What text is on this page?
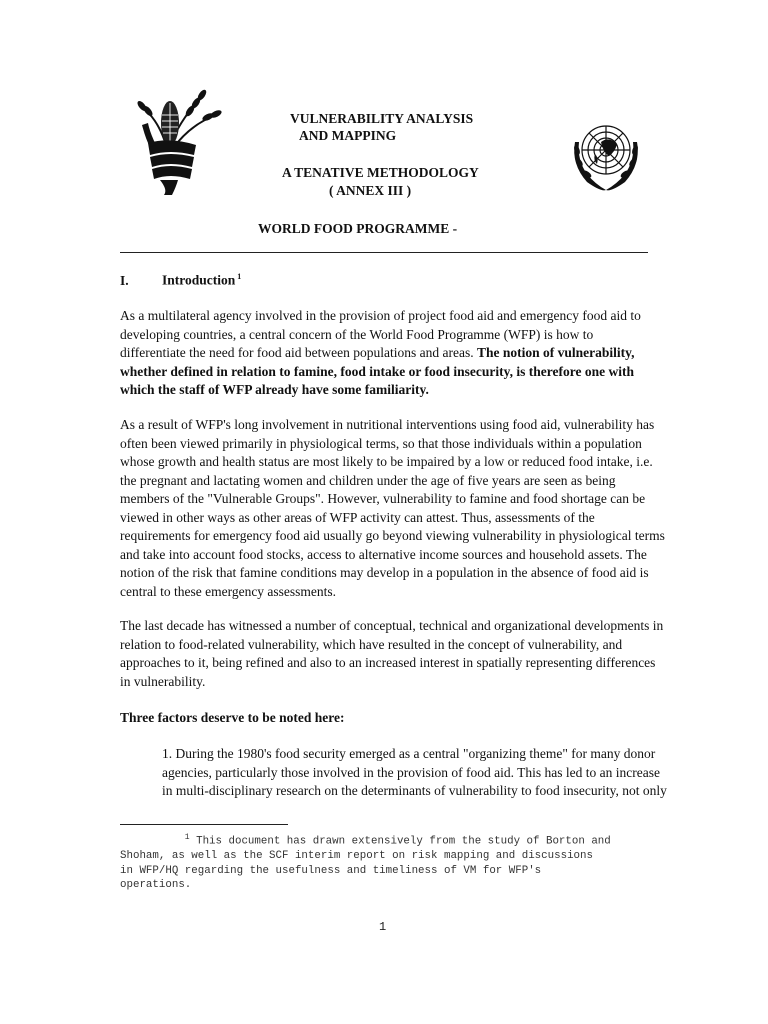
VULNERABILITY ANALYSIS
AND MAPPING
A TENATIVE METHODOLOGY
( ANNEX III )
WORLD FOOD PROGRAMME -
I. Introduction $^1$
As a multilateral agency involved in the provision of project food aid and emergency food aid to
developing countries, a central concern of the World Food Programme (WFP) is how to
differentiate the need for food aid between populations and areas. The notion of vulnerability,
whether defined in relation to famine, food intake or food insecurity, is therefore one with
which the staff of WFP already have some familiarity.
As a result of WFP's long involvement in nutritional interventions using food aid, vulnerability has
often been viewed primarily in physiological terms, so that those individuals within a population
whose growth and health status are most likely to be impaired by a low or reduced food intake, i.e.
the pregnant and lactating women and children under the age of five years are seen as being
members of the "Vulnerable Groups". However, vulnerability to famine and food shortage can be
viewed in other ways as other areas of WFP activity can attest. Thus, assessments of the
requirements for emergency food aid usually go beyond viewing vulnerability in physiological terms
and take into account food stocks, access to alternative income sources and household assets. The
notion of the risk that famine conditions may develop in a population in the absence of food aid is
central to these emergency assessments.
The last decade has witnessed a number of conceptual, technical and organizational developments in
relation to food-related vulnerability, which have resulted in the concept of vulnerability, and
approaches to it, being refined and also to an increased interest in spatially representing differences
in vulnerability.
Three factors deserve to be noted here:
1. During the 1980's food security emerged as a central "organizing theme" for many donor
agencies, particularly those involved in the provision of food aid. This has led to an increase
in multi-disciplinary research on the determinants of vulnerability to food insecurity, not only
$^1$ This document has drawn extensively from the study of Borton and
Shoham, as well as the SCF interim report on risk mapping and discussions
in WFP/HQ regarding the usefulness and timeliness of VM for WFP's
operations.
1
